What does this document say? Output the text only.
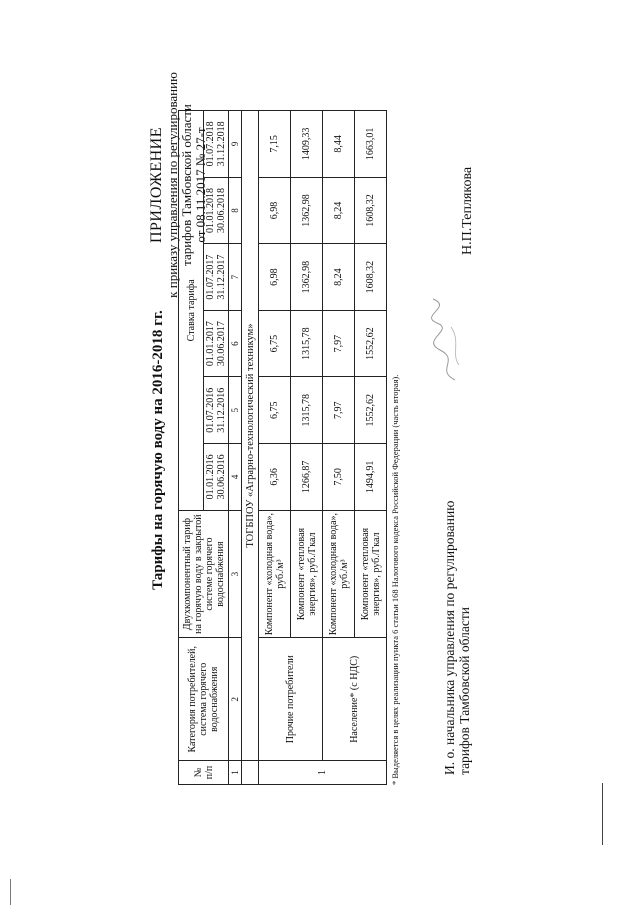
ПРИЛОЖЕНИЕ к приказу управления по регулированию тарифов Тамбовской области от 08.11.2017 № 27-т
Тарифы на горячую воду на 2016-2018 гг.
№ п/п	Категория потребителей, система горячего водоснабжения	Двухкомпонентный тариф на горячую воду в закрытой системе горячего водоснабжения	Ставка тарифа					
			01.01.2016 30.06.2016	01.07.2016 31.12.2016	01.01.2017 30.06.2017	01.07.2017 31.12.2017	01.01.2018 30.06.2018	01.07.2018 31.12.2018
1	2	3	4	5	6	7	8	9
	ТОГБПОУ «Аграрно-технологический техникум»							
1	Прочие потребители	Компонент «холодная вода», руб./м³	6,36	6,75	6,75	6,98	6,98	7,15
		Компонент «тепловая энергия», руб./Гкал	1266,87	1315,78	1315,78	1362,98	1362,98	1409,33
	Население* (с НДС)	Компонент «холодная вода», руб./м³	7,50	7,97	7,97	8,24	8,24	8,44
		Компонент «тепловая энергия», руб./Гкал	1494,91	1552,62	1552,62	1608,32	1608,32	1663,01
* Выделяется в целях реализации пункта 6 статьи 168 Налогового кодекса Российской Федерации (часть вторая).	И. о. начальника управления по регулированию тарифов Тамбовской области
Н.П.Теплякова
